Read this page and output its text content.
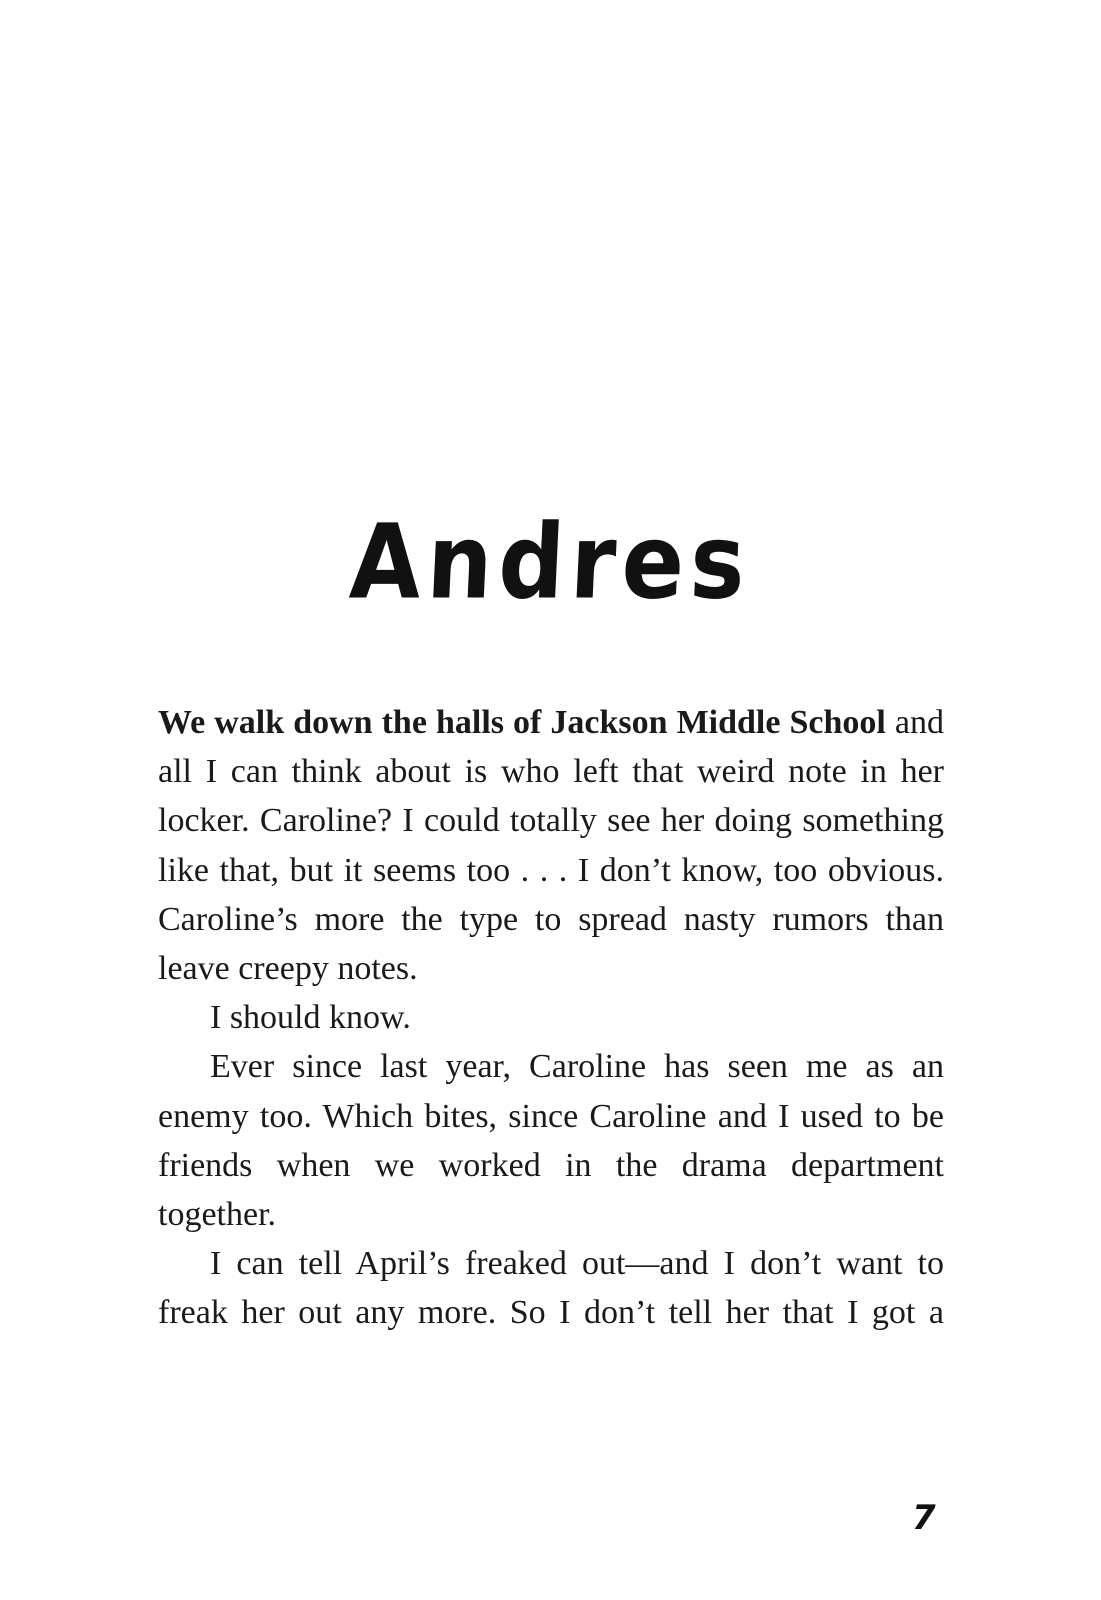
Andres

We walk down the halls of Jackson Middle School and all I can think about is who left that weird note in her locker. Caroline? I could totally see her doing something like that, but it seems too . . . I don’t know, too obvious. Caroline’s more the type to spread nasty rumors than leave creepy notes.

I should know.

Ever since last year, Caroline has seen me as an enemy too. Which bites, since Caroline and I used to be friends when we worked in the drama department together.

I can tell April’s freaked out—and I don’t want to freak her out any more. So I don’t tell her that I got a

7
